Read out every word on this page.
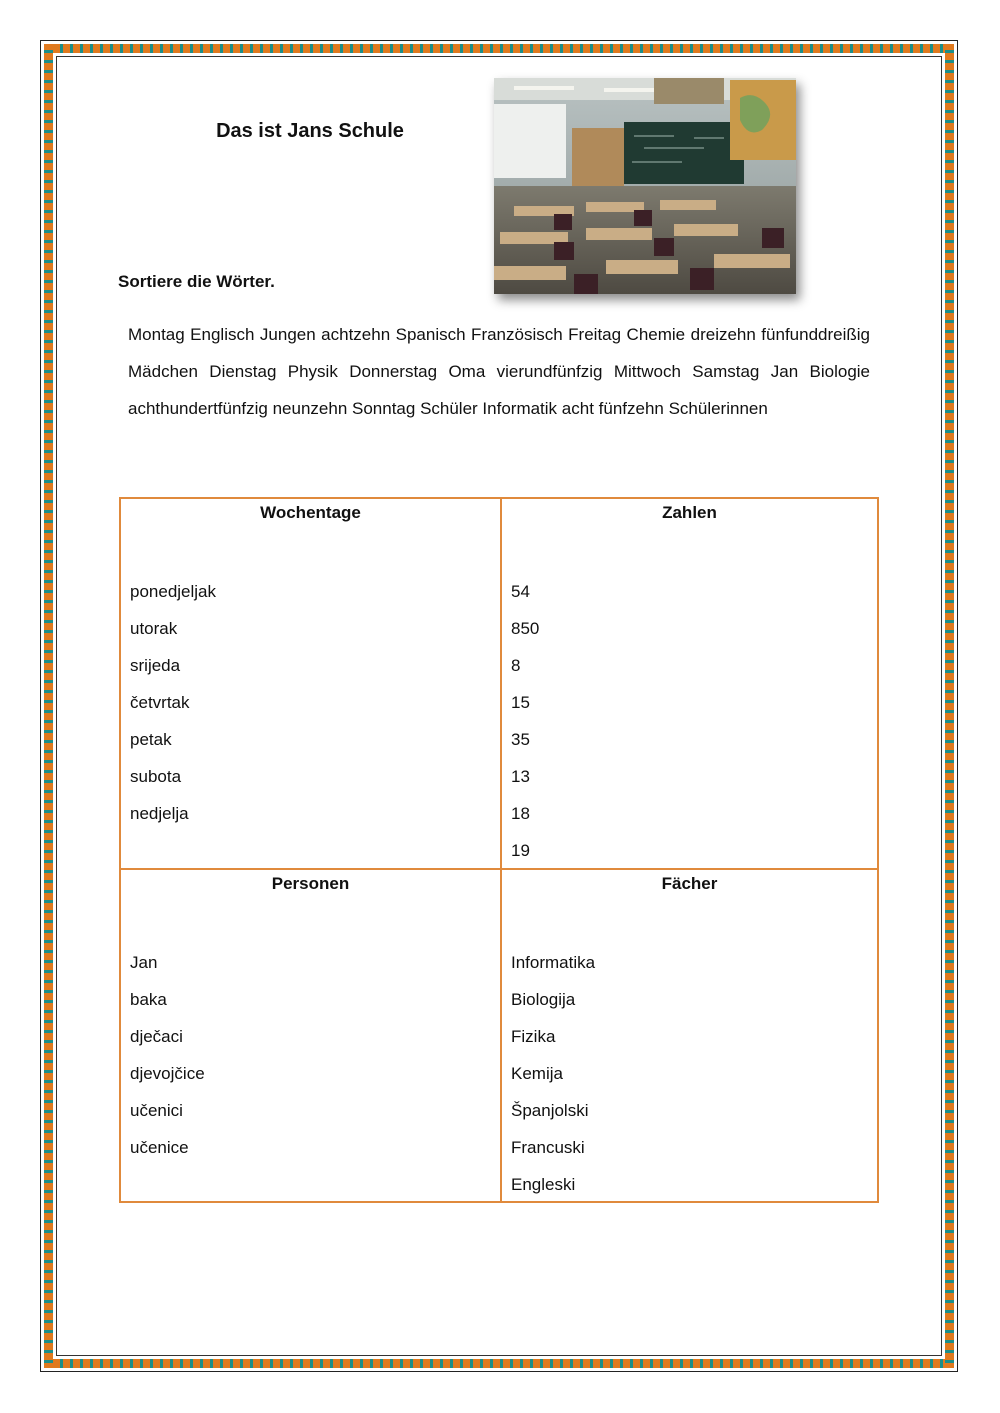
Das ist Jans Schule
Sortiere die Wörter.
Montag Englisch Jungen achtzehn Spanisch Französisch Freitag Chemie dreizehn fünfunddreißig Mädchen Dienstag Physik Donnerstag Oma vierundfünfzig Mittwoch Samstag Jan Biologie achthundertfünfzig neunzehn Sonntag Schüler Informatik acht fünfzehn Schülerinnen
Wochentage
ponedjeljak
utorak
srijeda
četvrtak
petak
subota
nedjelja
Zahlen
54
850
8
15
35
13
18
19
Personen
Jan
baka
dječaci
djevojčice
učenici
učenice
Fächer
Informatika
Biologija
Fizika
Kemija
Španjolski
Francuski
Engleski
